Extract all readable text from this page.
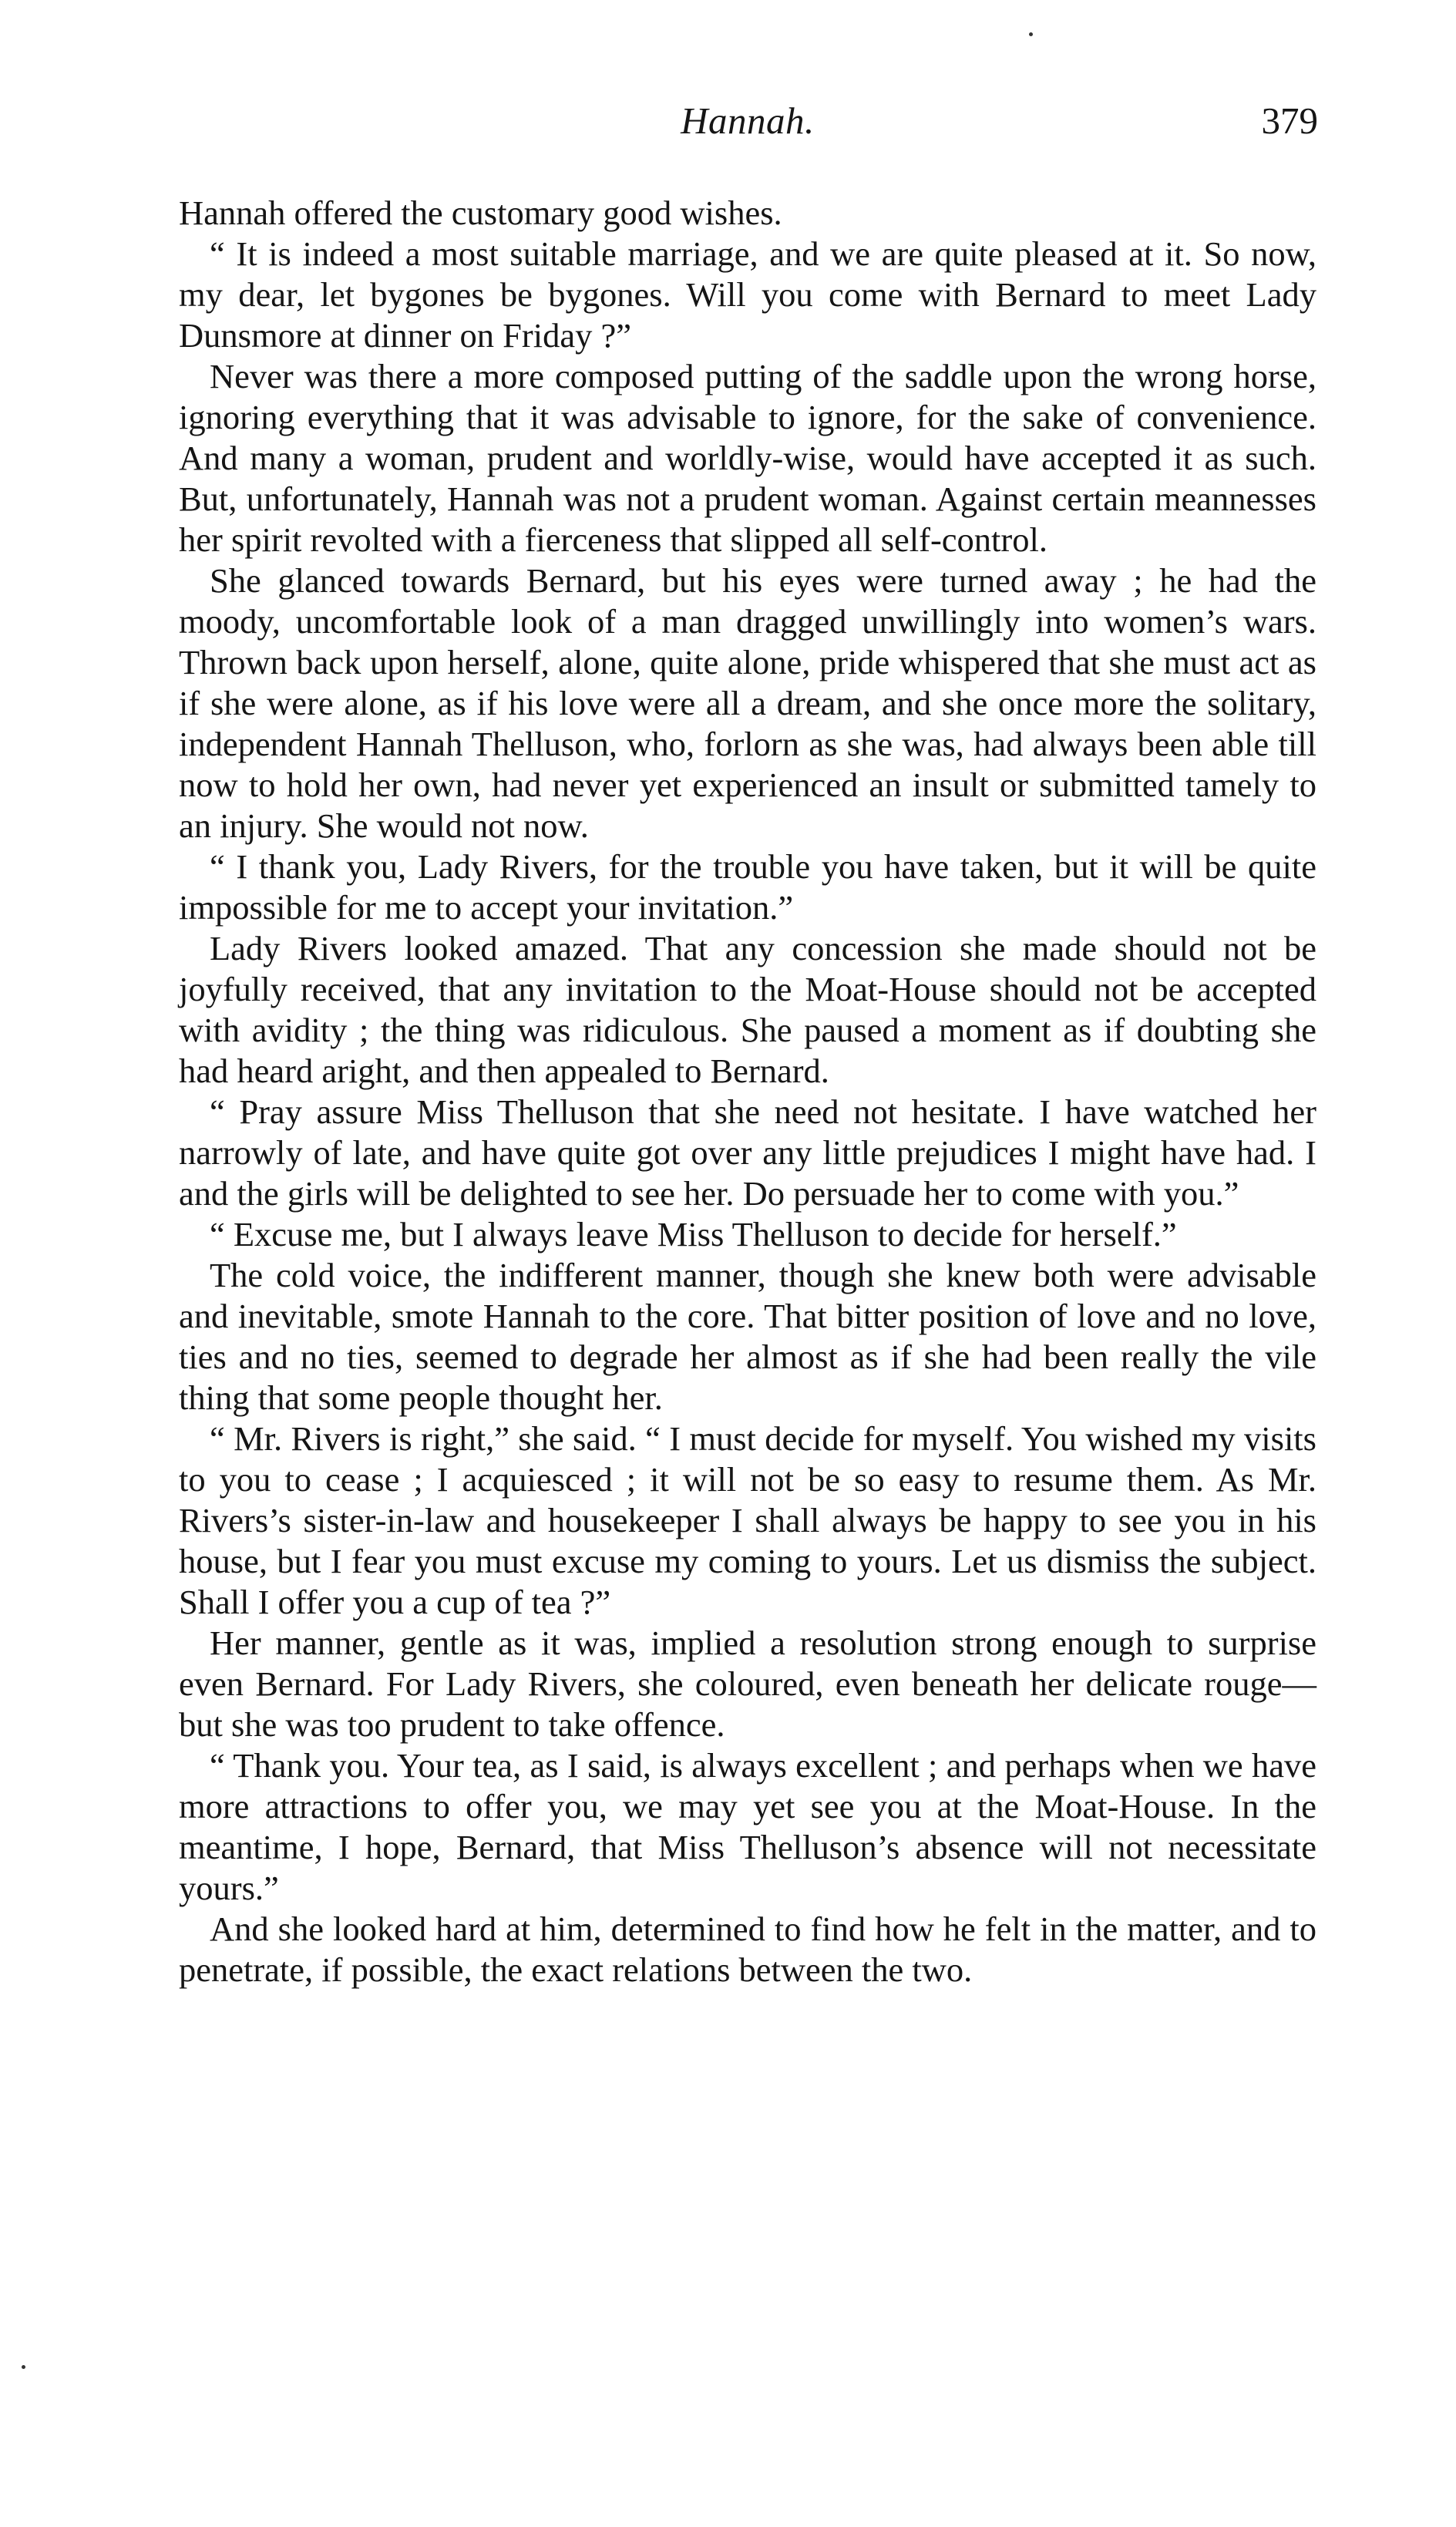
Hannah.	379

Hannah offered the customary good wishes.

“ It is indeed a most suitable marriage, and we are quite pleased at it. So now, my dear, let bygones be bygones. Will you come with Bernard to meet Lady Dunsmore at dinner on Friday ?”

Never was there a more composed putting of the saddle upon the wrong horse, ignoring everything that it was advisable to ignore, for the sake of convenience. And many a woman, prudent and worldly-wise, would have accepted it as such. But, unfortunately, Hannah was not a prudent woman. Against certain meannesses her spirit revolted with a fierceness that slipped all self-control.

She glanced towards Bernard, but his eyes were turned away ; he had the moody, uncomfortable look of a man dragged unwillingly into women’s wars. Thrown back upon herself, alone, quite alone, pride whispered that she must act as if she were alone, as if his love were all a dream, and she once more the solitary, independent Hannah Thelluson, who, forlorn as she was, had always been able till now to hold her own, had never yet experienced an insult or submitted tamely to an injury. She would not now.

“ I thank you, Lady Rivers, for the trouble you have taken, but it will be quite impossible for me to accept your invitation.”

Lady Rivers looked amazed. That any concession she made should not be joyfully received, that any invitation to the Moat-House should not be accepted with avidity ; the thing was ridiculous. She paused a moment as if doubting she had heard aright, and then appealed to Bernard.

“ Pray assure Miss Thelluson that she need not hesitate. I have watched her narrowly of late, and have quite got over any little prejudices I might have had. I and the girls will be delighted to see her. Do persuade her to come with you.”

“ Excuse me, but I always leave Miss Thelluson to decide for herself.”

The cold voice, the indifferent manner, though she knew both were advisable and inevitable, smote Hannah to the core. That bitter position of love and no love, ties and no ties, seemed to degrade her almost as if she had been really the vile thing that some people thought her.

“ Mr. Rivers is right,” she said. “ I must decide for myself. You wished my visits to you to cease ; I acquiesced ; it will not be so easy to resume them. As Mr. Rivers’s sister-in-law and housekeeper I shall always be happy to see you in his house, but I fear you must excuse my coming to yours. Let us dismiss the subject. Shall I offer you a cup of tea ?”

Her manner, gentle as it was, implied a resolution strong enough to surprise even Bernard. For Lady Rivers, she coloured, even beneath her delicate rouge—but she was too prudent to take offence.

“ Thank you. Your tea, as I said, is always excellent ; and perhaps when we have more attractions to offer you, we may yet see you at the Moat-House. In the meantime, I hope, Bernard, that Miss Thelluson’s absence will not necessitate yours.”

And she looked hard at him, determined to find how he felt in the matter, and to penetrate, if possible, the exact relations between the two.
